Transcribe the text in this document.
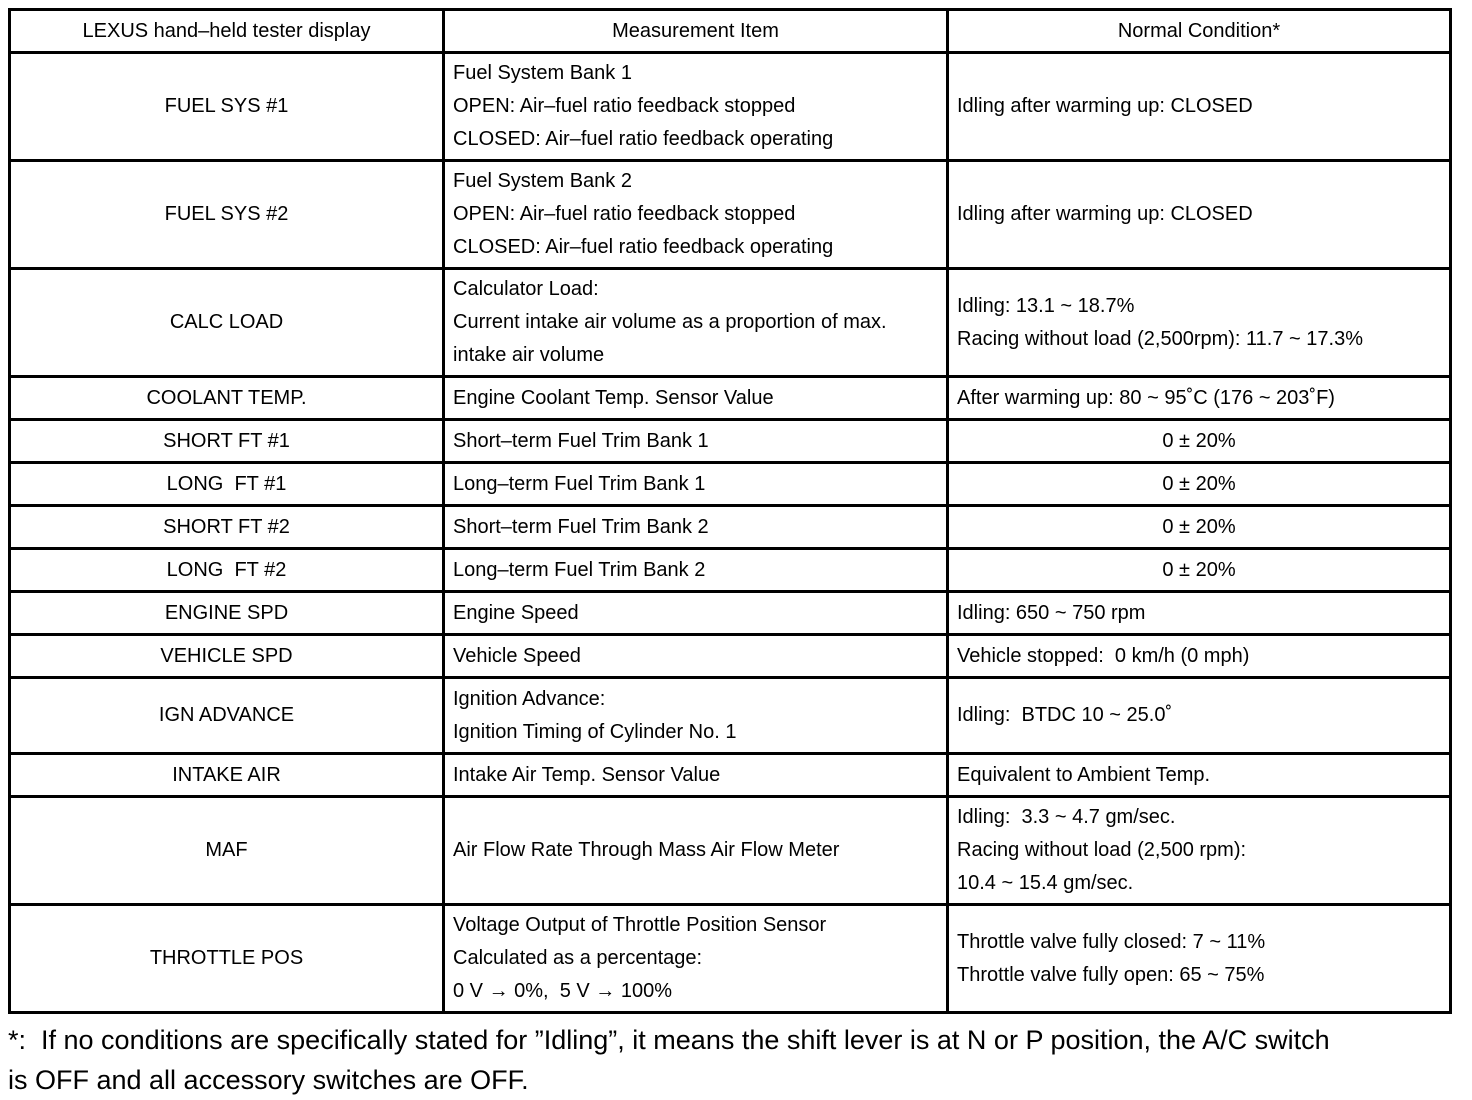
LEXUS hand–held tester display	Measurement Item	Normal Condition*
FUEL SYS #1	Fuel System Bank 1
OPEN: Air–fuel ratio feedback stopped
CLOSED: Air–fuel ratio feedback operating	Idling after warming up: CLOSED

FUEL SYS #2	Fuel System Bank 2
OPEN: Air–fuel ratio feedback stopped
CLOSED: Air–fuel ratio feedback operating	Idling after warming up: CLOSED

CALC LOAD	Calculator Load:
Current intake air volume as a proportion of max.
intake air volume	Idling: 13.1 ~ 18.7%
Racing without load (2,500rpm): 11.7 ~ 17.3%

COOLANT TEMP.	Engine Coolant Temp. Sensor Value	After warming up: 80 ~ 95˚C (176 ~ 203˚F)

SHORT FT #1	Short–term Fuel Trim Bank 1	0 ± 20%

LONG  FT #1	Long–term Fuel Trim Bank 1	0 ± 20%

SHORT FT #2	Short–term Fuel Trim Bank 2	0 ± 20%

LONG  FT #2	Long–term Fuel Trim Bank 2	0 ± 20%

ENGINE SPD	Engine Speed	Idling: 650 ~ 750 rpm

VEHICLE SPD	Vehicle Speed	Vehicle stopped:  0 km/h (0 mph)

IGN ADVANCE	Ignition Advance:
Ignition Timing of Cylinder No. 1	Idling:  BTDC 10 ~ 25.0˚

INTAKE AIR	Intake Air Temp. Sensor Value	Equivalent to Ambient Temp.

MAF	Air Flow Rate Through Mass Air Flow Meter	Idling:  3.3 ~ 4.7 gm/sec.
Racing without load (2,500 rpm):
10.4 ~ 15.4 gm/sec.

THROTTLE POS	Voltage Output of Throttle Position Sensor
Calculated as a percentage:
0 V → 0%,  5 V → 100%	Throttle valve fully closed: 7 ~ 11%
Throttle valve fully open: 65 ~ 75%
*:  If no conditions are specifically stated for ”Idling”, it means the shift lever is at N or P position, the A/C switch
is OFF and all accessory switches are OFF.
